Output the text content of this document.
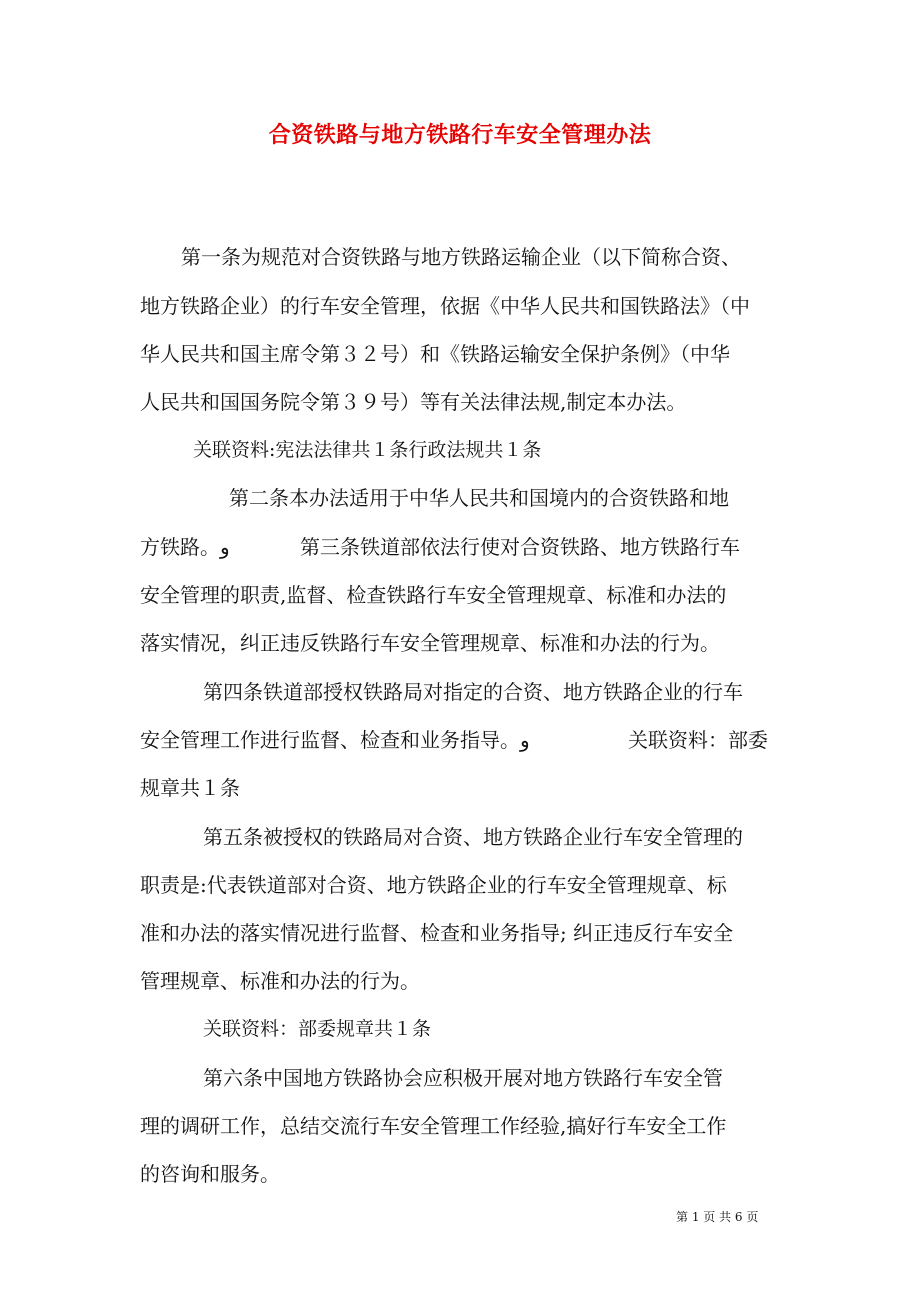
合资铁路与地方铁路行车安全管理办法
第一条为规范对合资铁路与地方铁路运输企业（以下简称合资、
地方铁路企业）的行车安全管理，依据《中华人民共和国铁路法》（中
华人民共和国主席令第３２号）和《铁路运输安全保护条例》（中华
人民共和国国务院令第３９号）等有关法律法规,制定本办法。
关联资料:宪法法律共１条行政法规共１条
第二条本办法适用于中华人民共和国境内的合资铁路和地
方铁路。و	第三条铁道部依法行使对合资铁路、地方铁路行车
安全管理的职责,监督、检查铁路行车安全管理规章、标准和办法的
落实情况，纠正违反铁路行车安全管理规章、标准和办法的行为。
第四条铁道部授权铁路局对指定的合资、地方铁路企业的行车
安全管理工作进行监督、检查和业务指导。و	关联资料：部委
规章共１条
第五条被授权的铁路局对合资、地方铁路企业行车安全管理的
职责是:代表铁道部对合资、地方铁路企业的行车安全管理规章、标
准和办法的落实情况进行监督、检查和业务指导; 纠正违反行车安全
管理规章、标准和办法的行为。
关联资料：部委规章共１条
第六条中国地方铁路协会应积极开展对地方铁路行车安全管
理的调研工作，总结交流行车安全管理工作经验,搞好行车安全工作
的咨询和服务。
第 1 页 共 6 页
